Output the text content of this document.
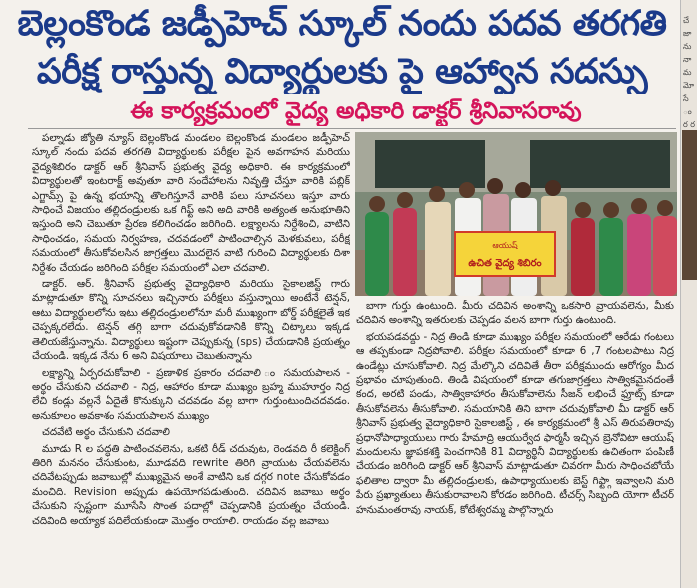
బెల్లంకొండ జడ్పీహెచ్ స్కూల్ నందు పదవ తరగతి
పరీక్ష రాస్తున్న విద్యార్థులకు పై ఆహ్వాన సదస్సు
ఈ కార్యక్రమంలో వైద్య అధికారి డాక్టర్ శ్రీనివాసరావు

పల్నాడు జ్యోతి న్యూస్ బెల్లంకొండ మండలం బెల్లంకొండ మండలం జడ్పీహెచ్ స్కూల్ నందు పదవ తరగతి విద్యార్థులకు పరీక్షల పైన అవగాహన మరియు వైద్యశిబిరం డాక్టర్ ఆర్ శ్రీనివాస్ ప్రభుత్వ వైద్య అధికారి. ఈ కార్యక్రమంలో విద్యార్థులతో ఇంటరాక్ట్ అవుతూ వారి సందేహాలను నివృత్తి చేస్తూ వారికి పబ్లిక్ ఎగ్జామ్స్ పై ఉన్న భయాన్ని తొలగిస్తూనే వారికి పలు సూచనలు ఇస్తూ వారు సాధించే విజయం తల్లిదండ్రులకు ఒక గిఫ్ట్ అని అది వారికి అత్యంత అనుభూతిని ఇస్తుంది అని చెబుతూ ప్రేరణ కలిగించడం జరిగింది. లక్ష్యాలను నిర్దేశించి, వాటిని సాధించడం, సమయ నిర్వహణ, చదవడంలో పాటించాల్సిన మెళకువలు, పరీక్ష సమయంలో తీసుకోవలసిన జాగ్రత్తలు మొదలైన వాటి గురించి విద్యార్థులకు దిశా నిర్దేశం చేయడం జరిగింది పరీక్షల సమయంలో ఎలా చదవాలి.

డాక్టర్. ఆర్. శ్రీనివాస్ ప్రభుత్వ వైద్యాధికారి మరియు సైకాలజిస్ట్ గారు మాట్లాడుతూ కొన్ని సూచనలు ఇచ్చినారు పరీక్షలు వస్తున్నాయి అంటేనే టెన్షన్, ఆటు విద్యార్థులలోను ఇటు తల్లిదండ్రులలోనూ మరీ ముఖ్యంగా బోర్డ్ పరీక్షలైతే ఇక చెప్పక్కరలేదు. టెన్షన్ తగ్గి బాగా చదువుకోవడానికి కొన్ని చిట్కాలు ఇక్కడ తెలియజేస్తున్నాను. విద్యార్థులు ఇష్టంగా చెప్పుకున్న (sps) చేయడానికి ప్రయత్నం చేయండి. ఇక్కడ నేను 6 అని విషయాలు చెబుతున్నాను

లక్ష్యాన్ని ఏర్పరచుకోవాలి - ప్రణాళిక ప్రకారం చదవాలి ం సమయపాలన - అర్థం చేసుకుని చదవాలి - నిద్ర, ఆహారం కూడా ముఖ్యం బ్రహ్మ ముహూర్తం నిద్ర లేచి కండ్లు వల్లనే ఏదైతే కొనుక్కుని చదవడం వల్ల బాగా గుర్తుంటుందిచదవడం. అనుకూలం అవకాశం సమయపాలన ముఖ్యం

చదవేటి అర్థం చేసుకుని చదవాలి

మూడు R ల పద్ధతి పాటించవలెను, ఒకటి రీడ్ చదువుట, రెండవది రీ కలెక్టింగ్ తిరిగి మననం చేసుకుంట, మూడవది rewrite తిరిగి వ్రాయుట చేయవలెను చదివేటప్పుడు జవాబుల్లో ముఖ్యమైన అంశే వాటిని ఒక దగ్గర note చేసుకోవడం మంచిది. Revision అప్పుడు ఉపయోగపడుతుంది. చదివిన జవాబు అర్థం చేసుకుని స్పష్టంగా మూసేసి సొంత పదాల్లో చెప్పడానికి ప్రయత్నం చేయండి. చదివింది అయ్యాక పదిలేయకుండా మొత్తం రాయాలి. రాయడం వల్ల జవాబు

ఆయుష్
ఉచిత వైద్య శిబిరం

బాగా గుర్తు ఉంటుంది. మీరు చదివిన అంశాన్ని ఒకసారి వ్రాయవలెను, మీకు చదివిన అంశాన్ని ఇతరులకు చెప్పడం వలన బాగా గుర్తు ఉంటుంది.

భయపడవద్దు - నిద్ర తిండి కూడా ముఖ్యం పరీక్షల సమయంలో ఆరేడు గంటలు ఆ తప్పకుండా నిద్రపోవాలి. పరీక్షల సమయంలో కూడా 6 ,7 గంటలపాటు నిద్ర ఉండేట్లు చూసుకోవాలి. నిద్ర మేల్కొని చదివితే తీరా పరీక్షముందు ఆరోగ్యం మీద ప్రభావం చూపుతుంది. తిండి విషయంలో కూడా తగుజాగ్రత్తలు సాత్వికమైనదంతే కంద, అరటి పండు, సాత్వికాహారం తీసుకోవాలెను సీజన్ లభించే ఫ్రూట్స్ కూడా తీసుకోవలెను తీసుకోవాలి. సమయానికి తిని బాగా చదువుకోవాలి మీ డాక్టర్ ఆర్ శ్రీనివాస్ ప్రభుత్వ వైద్యాధికారి సైకాలజిస్ట్ , ఈ కార్యక్రమంలో శ్రీ ఎస్ తిరుపతిరావు ప్రధానోపాధ్యాయులు గారు హేమాద్రి ఆయుర్వేద ఫార్మసీ ఇచ్చిన బ్రెనోవిటా ఆయుష్ మందులను జ్ఞాపకశక్తి పెంచగానికి 81 విద్యార్థినీ విద్యార్థులకు ఉచితంగా పంపిణీ చేయడం జరిగింది డాక్టర్ ఆర్ శ్రీనివాస్ మాట్లాడుతూ చివరగా మీరు సాధించబోయే ఫలితాల ద్వారా మీ తల్లిదండ్రులకు, ఉపాధ్యాయులకు బెస్ట్ గిఫ్ట్గా ఇవ్వాలని మరి పేరు ప్రఖ్యాతులు తీసుకురావాలని కోరడం జరిగింది. టీచర్స్ సిబ్బంది యోగా టీచర్ హనుమంతరావు నాయక్, కోటేశ్వరమ్మ పాల్గొన్నారు

చే జా ను నా మ మో సే ం ర ర
